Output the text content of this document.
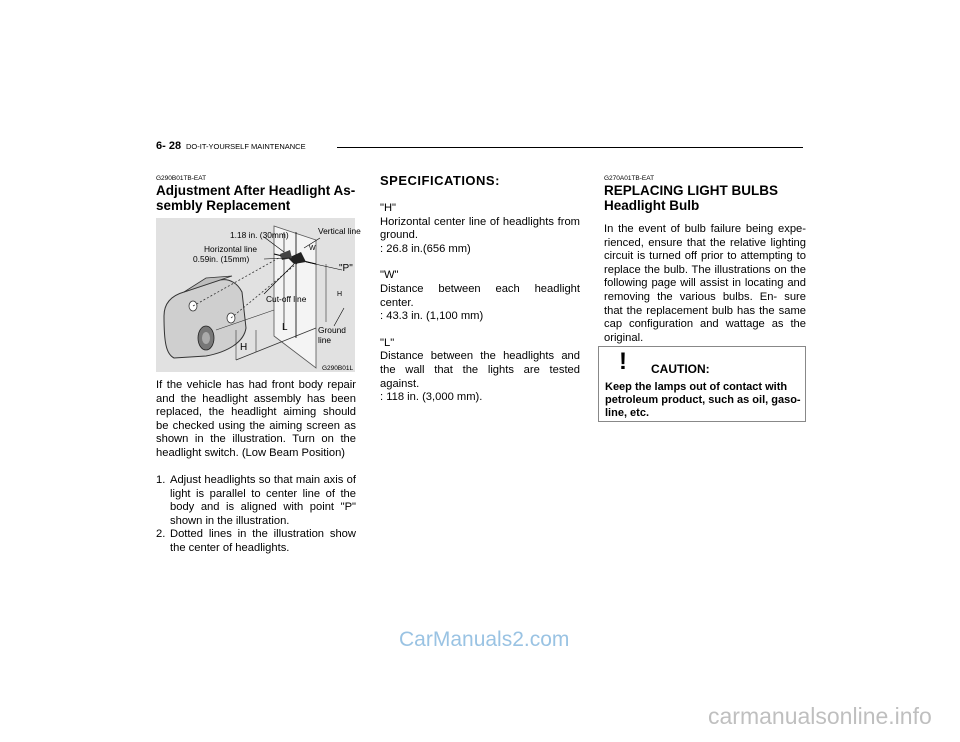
6- 28 DO-IT-YOURSELF MAINTENANCE
G290B01TB-EAT
Adjustment After Headlight As-
sembly Replacement
Vertical line
1.18 in. (30mm)
Horizontal line
0.59in. (15mm)
W
"P"
H
Cut-off line
L	Ground
line
H
G290B01L
If the vehicle has had front body repair and the headlight assembly has been replaced, the headlight aiming should be checked using the aiming screen as shown in the illustration. Turn on the headlight switch. (Low Beam Position)
1. Adjust headlights so that main axis of light is parallel to center line of the body and is aligned with point "P" shown in the illustration.
2. Dotted lines in the illustration show the center of headlights.
SPECIFICATIONS:
"H"
Horizontal center line of headlights from ground.
: 26.8 in.(656 mm)
"W"
Distance between each headlight center.
: 43.3 in. (1,100 mm)
"L"
Distance between the headlights and the wall that the lights are tested against.
: 118 in. (3,000 mm).
G270A01TB-EAT
REPLACING LIGHT BULBS
Headlight Bulb
In the event of bulb failure being expe- rienced, ensure that the relative lighting circuit is turned off prior to attempting to replace the bulb. The illustrations on the following page will assist in locating and removing the various bulbs. En- sure that the replacement bulb has the same cap configuration and wattage as the original.
! CAUTION:
Keep the lamps out of contact with petroleum product, such as oil, gaso- line, etc.
CarManuals2.com
carmanualsonline.info
